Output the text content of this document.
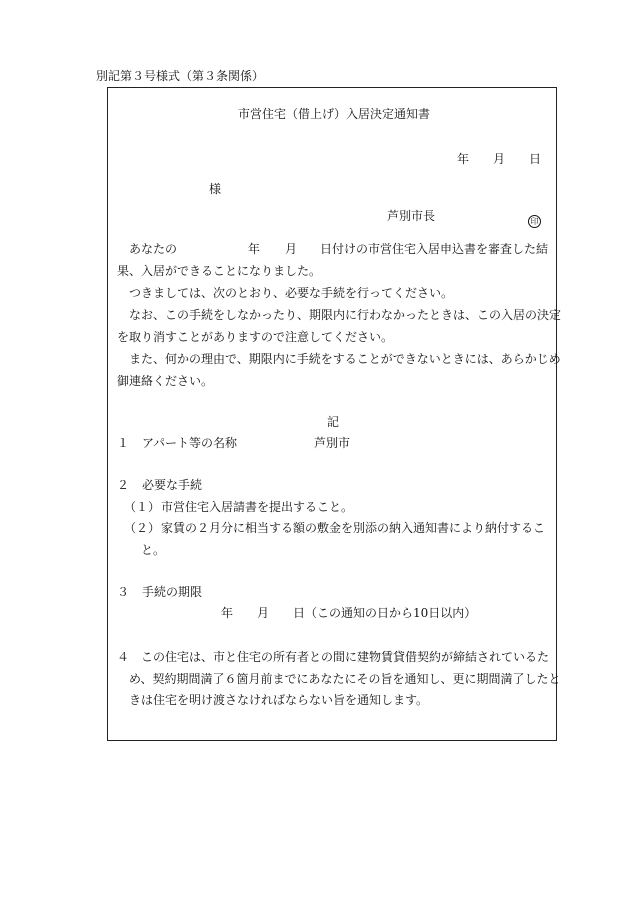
別記第３号様式（第３条関係）
市営住宅（借上げ）入居決定通知書
年 月 日
様
芦別市長	印
あなたの	年 月 日付けの市営住宅入居申込書を審査した結
果、入居ができることになりました。
つきましては、次のとおり、必要な手続を行ってください。
なお、この手続をしなかったり、期限内に行わなかったときは、この入居の決定
を取り消すことがありますので注意してください。
また、何かの理由で、期限内に手続をすることができないときには、あらかじめ
御連絡ください。
記
１ アパート等の名称	芦別市
２ 必要な手続
（１） 市営住宅入居請書を提出すること。
（２） 家賃の２月分に相当する額の敷金を別添の納入通知書により納付するこ
と。
３ 手続の期限
年 月 日（この通知の日から10日以内）
４ この住宅は、市と住宅の所有者との間に建物賃貸借契約が締結されているた
め、契約期間満了６箇月前までにあなたにその旨を通知し、更に期間満了したと
きは住宅を明け渡さなければならない旨を通知します。
